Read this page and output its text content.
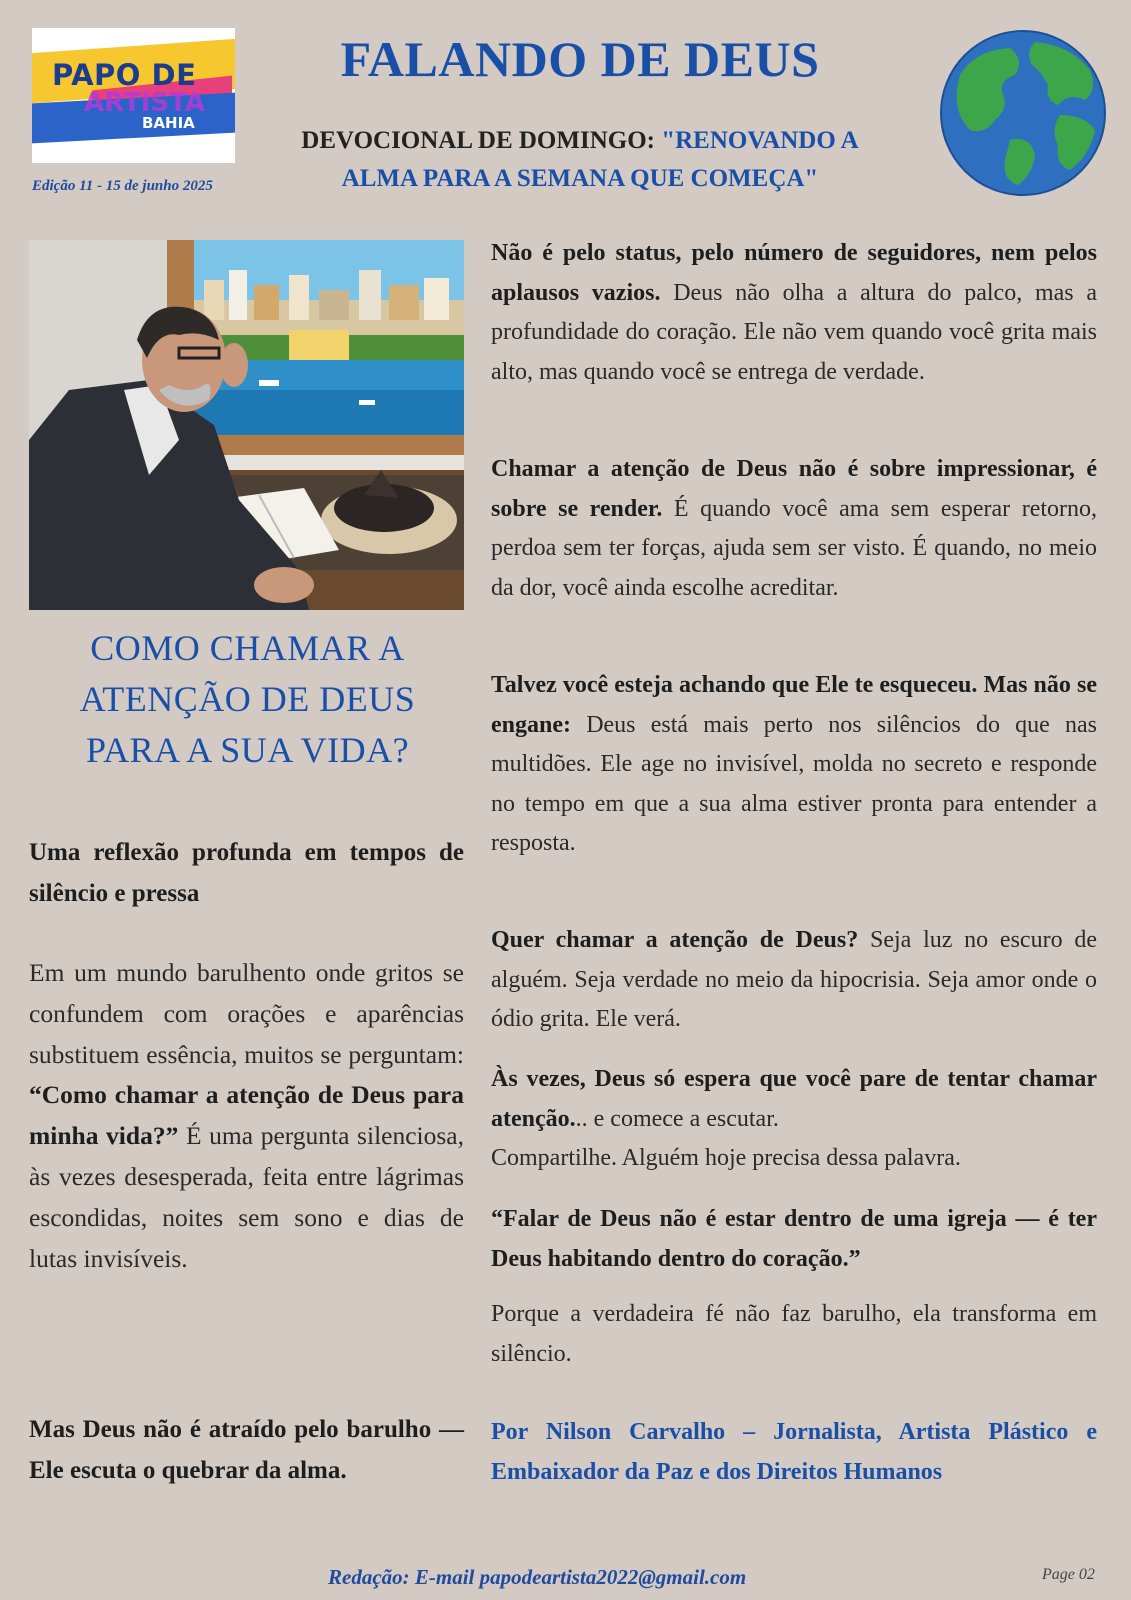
PAPO DE
ARTISTA
BAHIA
Edição 11 - 15 de junho 2025
FALANDO DE DEUS
DEVOCIONAL DE DOMINGO: "RENOVANDO A
ALMA PARA A SEMANA QUE COMEÇA"
COMO CHAMAR A
ATENÇÃO DE DEUS
PARA A SUA VIDA?

Uma reflexão profunda em tempos de silêncio e pressa

Em um mundo barulhento onde gritos se confundem com orações e aparências substituem essência, muitos se perguntam: “Como chamar a atenção de Deus para minha vida?” É uma pergunta silenciosa, às vezes desesperada, feita entre lágrimas escondidas, noites sem sono e dias de lutas invisíveis.

Mas Deus não é atraído pelo barulho — Ele escuta o quebrar da alma.

Não é pelo status, pelo número de seguidores, nem pelos aplausos vazios. Deus não olha a altura do palco, mas a profundidade do coração. Ele não vem quando você grita mais alto, mas quando você se entrega de verdade.

Chamar a atenção de Deus não é sobre impressionar, é sobre se render. É quando você ama sem esperar retorno, perdoa sem ter forças, ajuda sem ser visto. É quando, no meio da dor, você ainda escolhe acreditar.

Talvez você esteja achando que Ele te esqueceu. Mas não se engane: Deus está mais perto nos silêncios do que nas multidões. Ele age no invisível, molda no secreto e responde no tempo em que a sua alma estiver pronta para entender a resposta.

Quer chamar a atenção de Deus? Seja luz no escuro de alguém. Seja verdade no meio da hipocrisia. Seja amor onde o ódio grita. Ele verá.

Às vezes, Deus só espera que você pare de tentar chamar atenção... e comece a escutar.
Compartilhe. Alguém hoje precisa dessa palavra.

“Falar de Deus não é estar dentro de uma igreja — é ter Deus habitando dentro do coração.”

Porque a verdadeira fé não faz barulho, ela transforma em silêncio.

Por Nilson Carvalho – Jornalista, Artista Plástico e Embaixador da Paz e dos Direitos Humanos

Redação: E-mail papodeartista2022@gmail.com	Page 02
